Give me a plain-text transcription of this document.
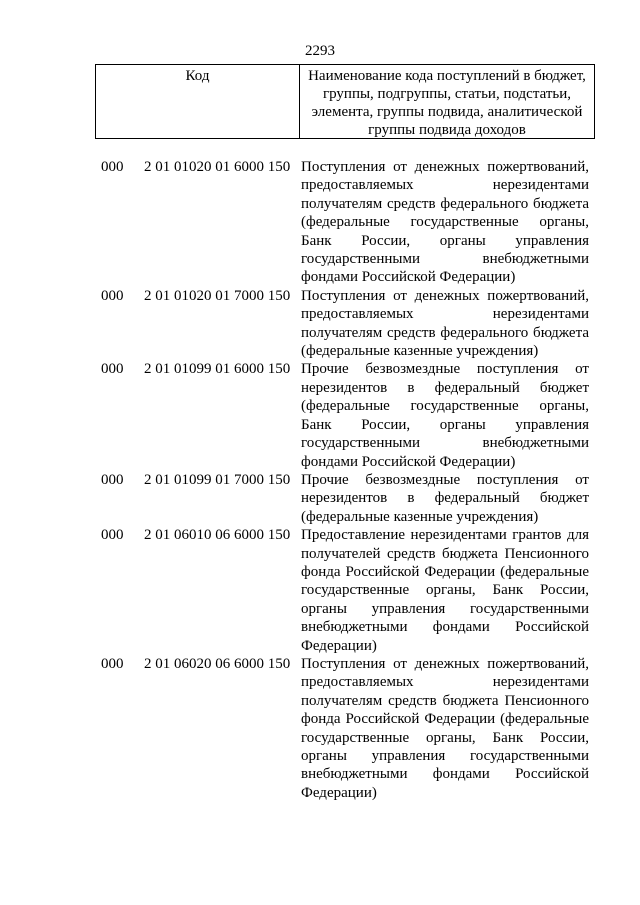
2293
Код	Наименование кода поступлений в бюджет, группы, подгруппы, статьи, подстатьи, элемента, группы подвида, аналитической группы подвида доходов
000 2 01 01020 01 6000 150 Поступления от денежных пожертвований, предоставляемых нерезидентами получателям средств федерального бюджета (федеральные государственные органы, Банк России, органы управления государственными внебюджетными фондами Российской Федерации)
000 2 01 01020 01 7000 150 Поступления от денежных пожертвований, предоставляемых нерезидентами получателям средств федерального бюджета (федеральные казенные учреждения)
000 2 01 01099 01 6000 150 Прочие безвозмездные поступления от нерезидентов в федеральный бюджет (федеральные государственные органы, Банк России, органы управления государственными внебюджетными фондами Российской Федерации)
000 2 01 01099 01 7000 150 Прочие безвозмездные поступления от нерезидентов в федеральный бюджет (федеральные казенные учреждения)
000 2 01 06010 06 6000 150 Предоставление нерезидентами грантов для получателей средств бюджета Пенсионного фонда Российской Федерации (федеральные государственные органы, Банк России, органы управления государственными внебюджетными фондами Российской Федерации)
000 2 01 06020 06 6000 150 Поступления от денежных пожертвований, предоставляемых нерезидентами получателям средств бюджета Пенсионного фонда Российской Федерации (федеральные государственные органы, Банк России, органы управления государственными внебюджетными фондами Российской Федерации)
